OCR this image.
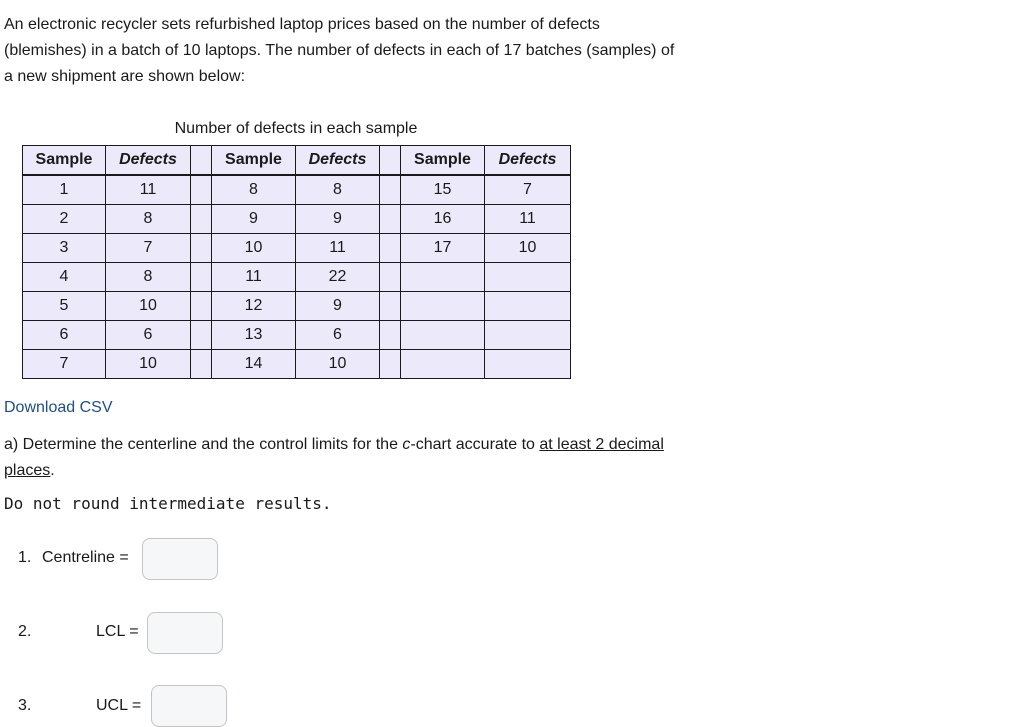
An electronic recycler sets refurbished laptop prices based on the number of defects (blemishes) in a batch of 10 laptops. The number of defects in each of 17 batches (samples) of a new shipment are shown below:

Number of defects in each sample
Sample	Defects		Sample	Defects		Sample	Defects
1	11		8	8		15	7
2	8		9	9		16	11
3	7		10	11		17	10
4	8		11	22			
5	10		12	9			
6	6		13	6			
7	10		14	10			
Download CSV

a) Determine the centerline and the control limits for the c-chart accurate to at least 2 decimal places.

Do not round intermediate results.
1. Centreline =
2.	LCL =
3.	UCL =
